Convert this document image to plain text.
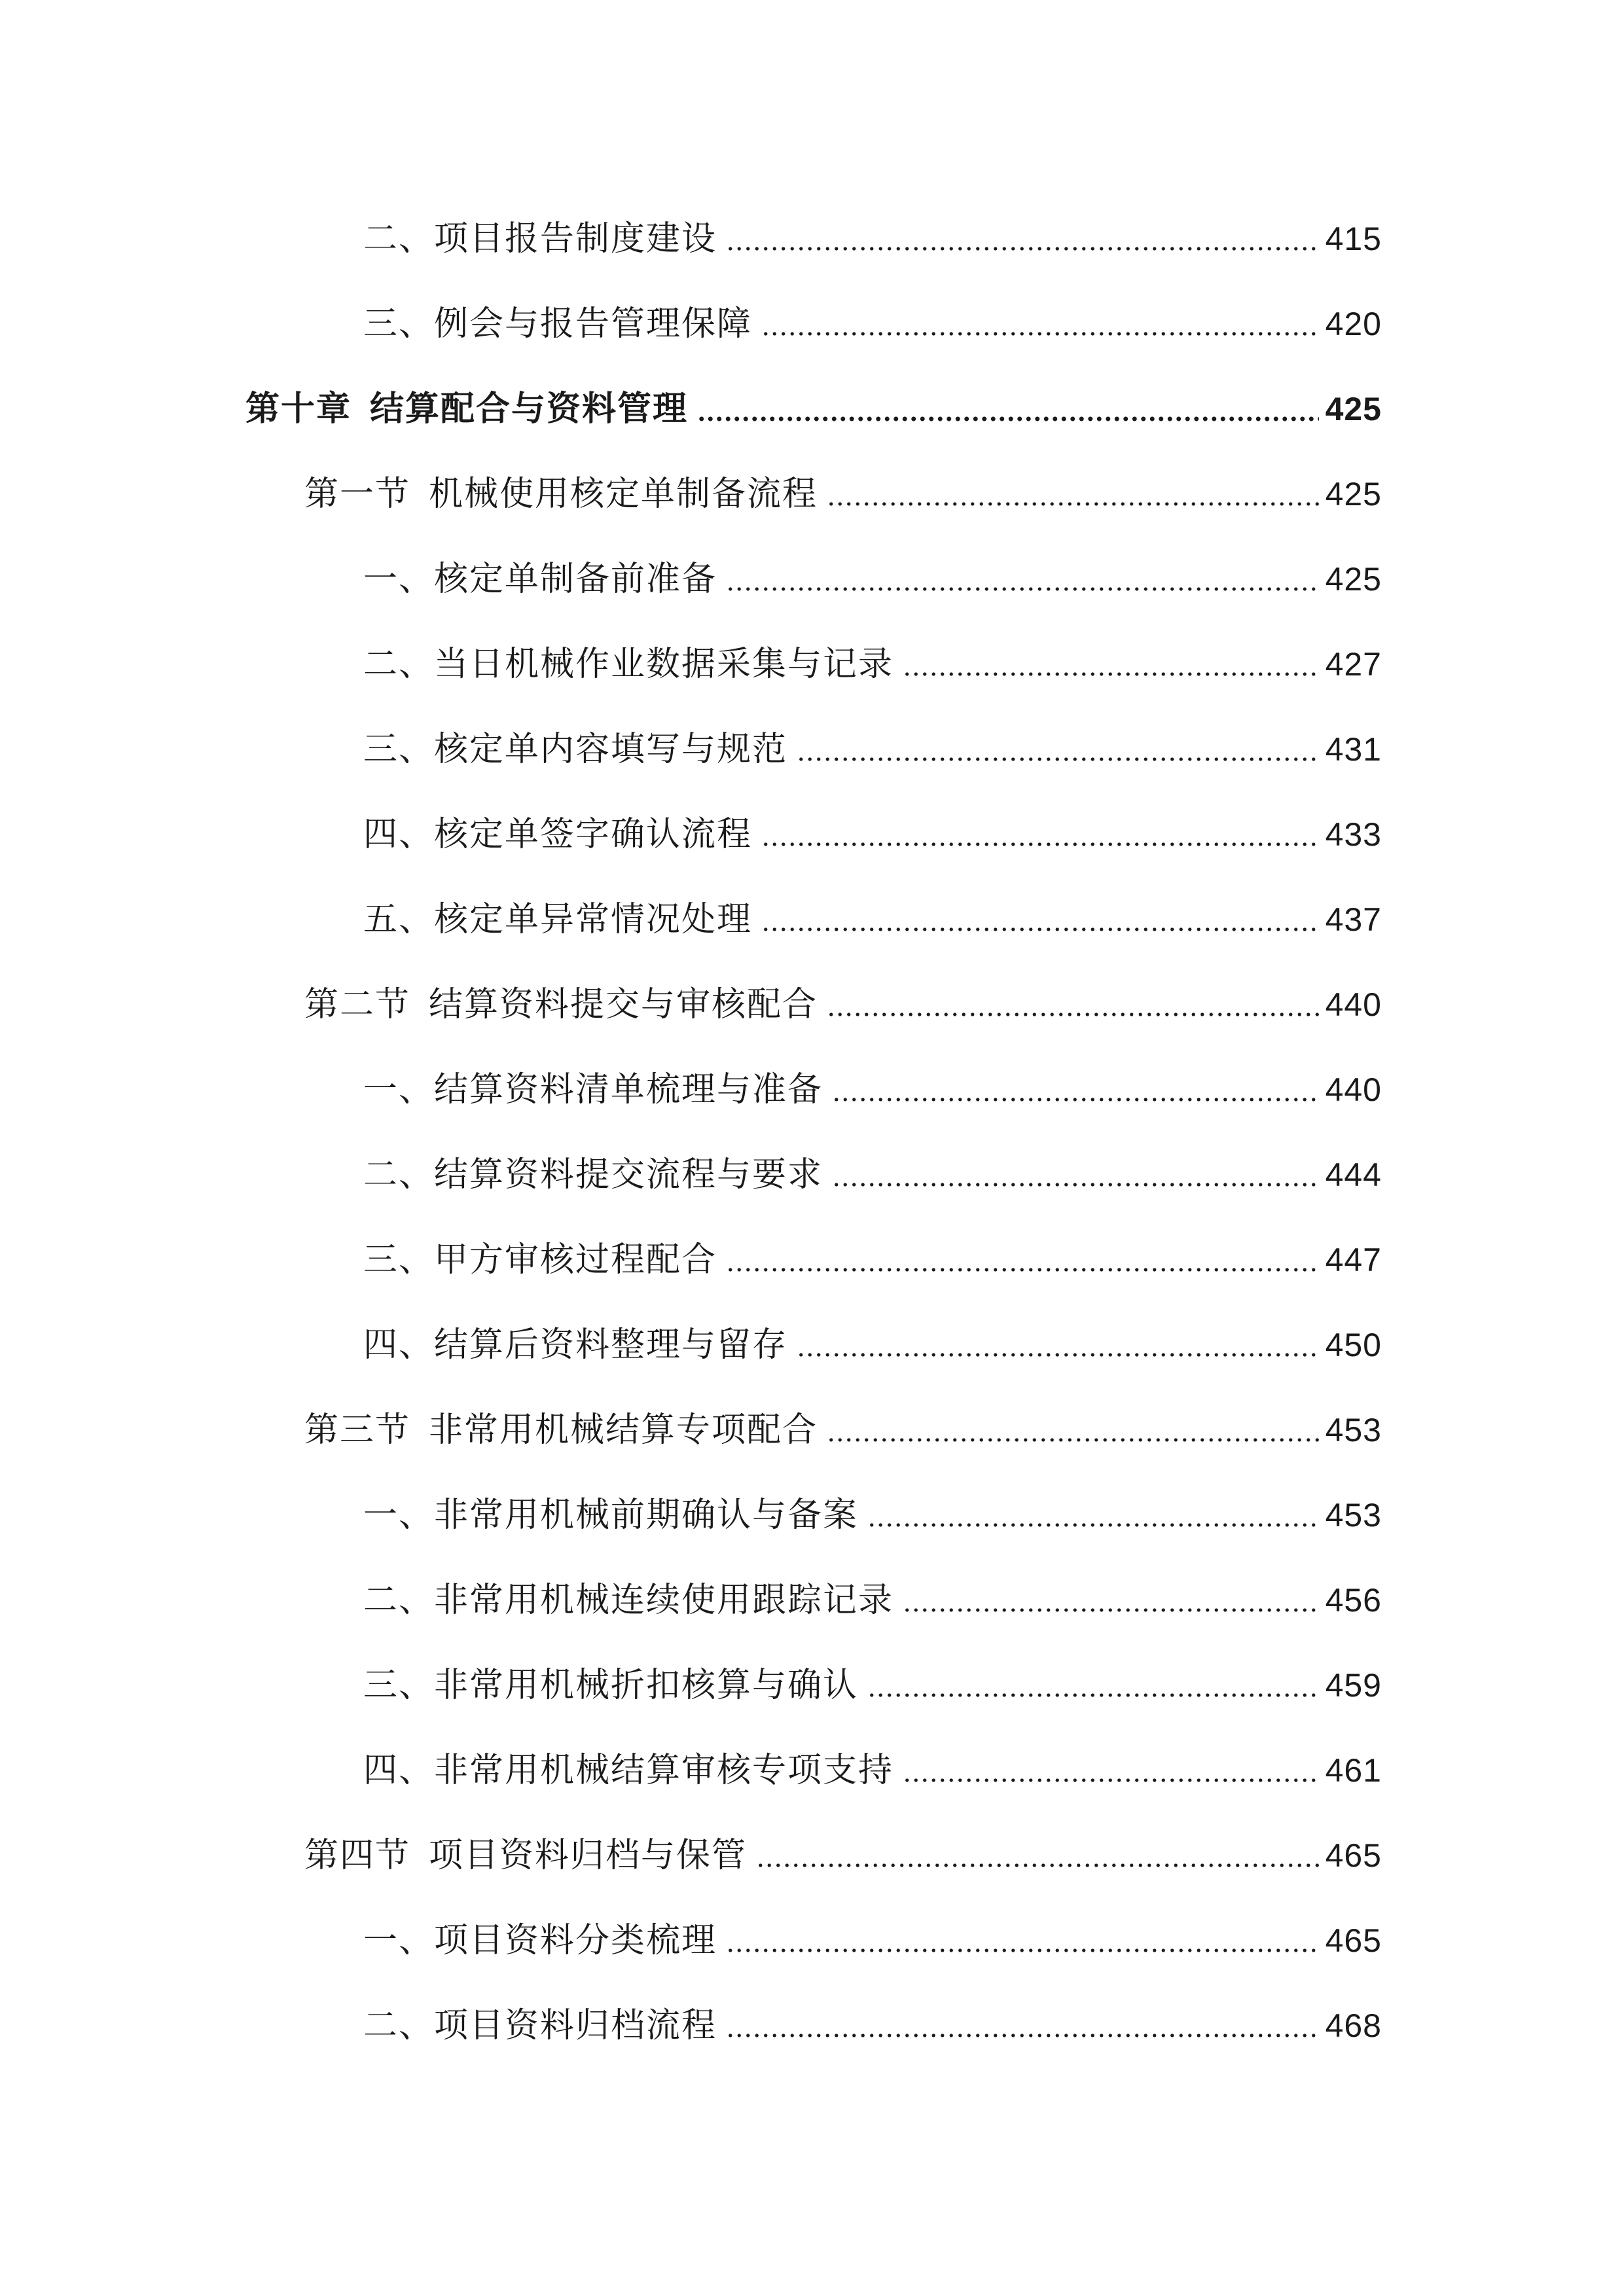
二、项目报告制度建设	415
三、例会与报告管理保障	420
第十章 结算配合与资料管理	425
第一节 机械使用核定单制备流程	425
一、核定单制备前准备	425
二、当日机械作业数据采集与记录	427
三、核定单内容填写与规范	431
四、核定单签字确认流程	433
五、核定单异常情况处理	437
第二节 结算资料提交与审核配合	440
一、结算资料清单梳理与准备	440
二、结算资料提交流程与要求	444
三、甲方审核过程配合	447
四、结算后资料整理与留存	450
第三节 非常用机械结算专项配合	453
一、非常用机械前期确认与备案	453
二、非常用机械连续使用跟踪记录	456
三、非常用机械折扣核算与确认	459
四、非常用机械结算审核专项支持	461
第四节 项目资料归档与保管	465
一、项目资料分类梳理	465
二、项目资料归档流程	468
